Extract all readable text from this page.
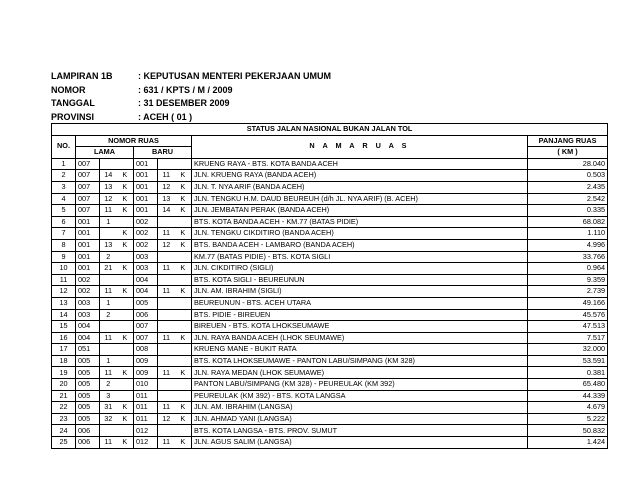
LAMPIRAN 1B	: KEPUTUSAN MENTERI PEKERJAAN UMUM
NOMOR	: 631 / KPTS / M / 2009
TANGGAL	: 31 DESEMBER 2009
PROVINSI	: ACEH ( 01 )
STATUS JALAN NASIONAL BUKAN JALAN TOL								
NO.	NOMOR RUAS						N A M A R U A S	PANJANG RUAS
	LAMA			BARU				( KM )
1	007			001			KRUENG RAYA - BTS. KOTA BANDA ACEH	28.040
2	007	14	K	001	11	K	JLN. KRUENG RAYA (BANDA ACEH)	0.503
3	007	13	K	001	12	K	JLN. T. NYA ARIF (BANDA ACEH)	2.435
4	007	12	K	001	13	K	JLN. TENGKU H.M. DAUD BEUREUH (d/h JL. NYA ARIF) (B. ACEH)	2.542
5	007	11	K	001	14	K	JLN. JEMBATAN PERAK (BANDA ACEH)	0.335
6	001	1		002			BTS. KOTA BANDA ACEH - KM.77 (BATAS PIDIE)	68.082
7	001		K	002	11	K	JLN. TENGKU CIKDITIRO (BANDA ACEH)	1.110
8	001	13	K	002	12	K	BTS. BANDA ACEH - LAMBARO (BANDA ACEH)	4.996
9	001	2		003			KM.77 (BATAS PIDIE) - BTS. KOTA SIGLI	33.766
10	001	21	K	003	11	K	JLN. CIKDITIRO (SIGLI)	0.964
11	002			004			BTS. KOTA SIGLI - BEUREUNUN	9.359
12	002	11	K	004	11	K	JLN. AM. IBRAHIM (SIGLI)	2.739
13	003	1		005			BEUREUNUN - BTS. ACEH UTARA	49.166
14	003	2		006			BTS. PIDIE - BIREUEN	45.576
15	004			007			BIREUEN - BTS. KOTA LHOKSEUMAWE	47.513
16	004	11	K	007	11	K	JLN. RAYA BANDA ACEH (LHOK SEUMAWE)	7.517
17	051			008			KRUENG MANE - BUKIT RATA	32.000
18	005	1		009			BTS. KOTA LHOKSEUMAWE - PANTON LABU/SIMPANG (KM 328)	53.591
19	005	11	K	009	11	K	JLN. RAYA MEDAN (LHOK SEUMAWE)	0.381
20	005	2		010			PANTON LABU/SIMPANG (KM 328) - PEUREULAK (KM 392)	65.480
21	005	3		011			PEUREULAK (KM 392) - BTS. KOTA LANGSA	44.339
22	005	31	K	011	11	K	JLN. AM. IBRAHIM (LANGSA)	4.679
23	005	32	K	011	12	K	JLN. AHMAD YANI (LANGSA)	5.222
24	006			012			BTS. KOTA LANGSA - BTS. PROV. SUMUT	50.832
25	006	11	K	012	11	K	JLN. AGUS SALIM (LANGSA)	1.424
